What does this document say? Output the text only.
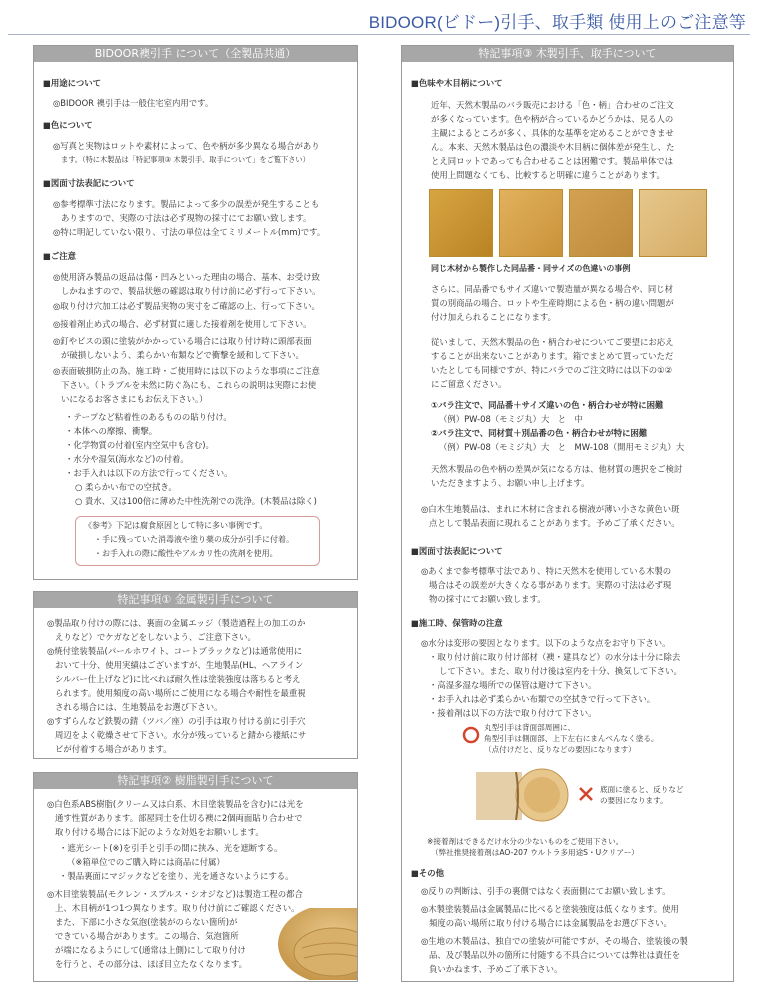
BIDOOR(ビドー)引手、取手類 使用上のご注意等
BIDOOR襖引手 について（全製品共通）
■用途について
◎BIDOOR 襖引手は一般住宅室内用です。
■色について
◎写真と実物はロットや素材によって、色や柄が多少異なる場合があり
ます。（特に木製品は「特記事項③ 木製引手、取手について」をご覧下さい）
■図面寸法表記について
◎参考標準寸法になります。製品によって多少の誤差が発生することも
ありますので、実際の寸法は必ず現物の採寸にてお願い致します。
◎特に明記していない限り、寸法の単位は全てミリメートル(mm)です。
■ご注意
◎使用済み製品の返品は傷・凹みといった理由の場合、基本、お受け致
しかねますので、製品状態の確認は取り付け前に必ず行って下さい。
◎取り付け穴加工は必ず製品実物の実寸をご確認の上、行って下さい。
◎接着剤止め式の場合、必ず材質に適した接着剤を使用して下さい。
◎釘やビスの頭に塗装がかかっている場合には取り付け時に頭部表面
が破損しないよう、柔らかい布類などで衝撃を緩和して下さい。
◎表面破損防止の為、施工時・ご使用時には以下のような事項にご注意
下さい。（トラブルを未然に防ぐ為にも、これらの説明は実際にお使
いになるお客さまにもお伝え下さい。）
・テープなど粘着性のあるものの貼り付け。
・本体への摩擦、衝撃。
・化学物質の付着(室内空気中も含む)。
・水分や湿気(海水など)の付着。
・お手入れは以下の方法で行ってください。
○ 柔らかい布での空拭き。
○ 貴水、又は100倍に薄めた中性洗剤での洗浄。(木製品は除く)
《参考》下記は腐食原因として特に多い事例です。
・手に残っていた消毒液や塗り薬の成分が引手に付着。
・お手入れの際に酸性やアルカリ性の洗剤を使用。
特記事項① 金属製引手について
◎製品取り付けの際には、裏面の金属エッジ（製造過程上の加工のか
えりなど）でケガなどをしないよう、ご注意下さい。
◎焼付塗装製品(パールホワイト、コートブラックなど)は通常使用に
おいて十分、使用実績はございますが、生地製品(HL、ヘアライン
シルバー仕上げなど)に比べれば耐久性は塗装強度は落ちると考え
られます。使用頻度の高い場所にご使用になる場合や耐性を最重視
される場合には、生地製品をお選び下さい。
◎すずらんなど鉄製の錆（ツバ／座）の引手は取り付ける前に引手穴
周辺をよく乾燥させて下さい。水分が残っていると錆から褄紙にサ
ビが付着する場合があります。
特記事項② 樹脂製引手について
◎白色系ABS樹脂(クリーム又は白系、木目塗装製品を含む)には光を
通す性質があります。部屋同士を仕切る襖に2個両面貼り合わせで
取り付ける場合には下記のような対処をお願いします。
・遮光シート(※)を引手と引手の間に挟み、光を遮断する。
（※箱単位でのご購入時には商品に付属）
・製品裏面にマジックなどを塗り、光を通さないようにする。
◎木目塗装製品(モクレン・スプルス・シオジなど)は製造工程の都合
上、木目柄が1つ1つ異なります。取り付け前にご確認ください。
また、下部に小さな気泡(塗装がのらない箇所)が
できている場合があります。この場合、気泡箇所
が端になるようにして(通常は上側)にして取り付け
を行うと、その部分は、ほぼ目立たなくなります。
特記事項③ 木製引手、取手について
■色味や木目柄について
近年、天然木製品のバラ販売における「色・柄」合わせのご注文
が多くなっています。色や柄が合っているかどうかは、見る人の
主観によるところが多く、具体的な基準を定めることができませ
ん。本来、天然木製品は色の濃淡や木目柄に個体差が発生し、た
とえ同ロットであっても合わせることは困難です。製品単体では
使用上問題なくても、比較すると明確に違うことがあります。
同じ木材から製作した同品番・同サイズの色違いの事例
さらに、同品番でもサイズ違いで製造量が異なる場合や、同じ材
質の別商品の場合、ロットや生産時期による色・柄の違い問題が
付け加えられることになります。
従いまして、天然木製品の色・柄合わせについてご要望にお応え
することが出来ないことがあります。箱でまとめて買っていただ
いたとしても同様ですが、特にバラでのご注文時には以下の①②
にご留意ください。
①バラ注文で、同品番＋サイズ違いの色・柄合わせが特に困難
（例）PW-08（モミジ丸）大　と　中
②バラ注文で、同材質＋別品番の色・柄合わせが特に困難
（例）PW-08（モミジ丸）大　と　MW-108（開用モミジ丸）大
天然木製品の色や柄の差異が気になる方は、他材質の選択をご検討
いただきますよう、お願い申し上げます。
◎白木生地製品は、まれに木材に含まれる樹液が薄い小さな黄色い斑
点として製品表面に現れることがあります。予めご了承ください。
■図面寸法表記について
◎あくまで参考標準寸法であり、特に天然木を使用している木製の
場合はその誤差が大きくなる事があります。実際の寸法は必ず現
物の採寸にてお願い致します。
■施工時、保管時の注意
◎水分は変形の要因となります。以下のような点をお守り下さい。
・取り付け前に取り付け部材（襖・建具など）の水分は十分に除去
して下さい。また、取り付け後は室内を十分、換気して下さい。
・高湿多湿な場所での保管は避けて下さい。
・お手入れは必ず柔らかい布類での空拭きで行って下さい。
・接着剤は以下の方法で取り付けて下さい。
丸型引手は背面部周囲に、
角型引手は側面部、上下左右にまんべんなく塗る。
（点付けだと、反りなどの要因になります）
底面に塗ると、反りなど
の要因になります。
※接着剤はできるだけ水分の少ないものをご使用下さい。
（弊社推奨接着剤はAO-207 ウルトラ多用途S・Uクリアー）
■その他
◎反りの判断は、引手の裏側ではなく表面側にてお願い致します。
◎木製塗装製品は金属製品に比べると塗装強度は低くなります。使用
頻度の高い場所に取り付ける場合には金属製品をお選び下さい。
◎生地の木製品は、独自での塗装が可能ですが、その場合、塗装後の製
品、及び製品以外の箇所に付随する不具合については弊社は責任を
負いかねます、予めご了承下さい。
